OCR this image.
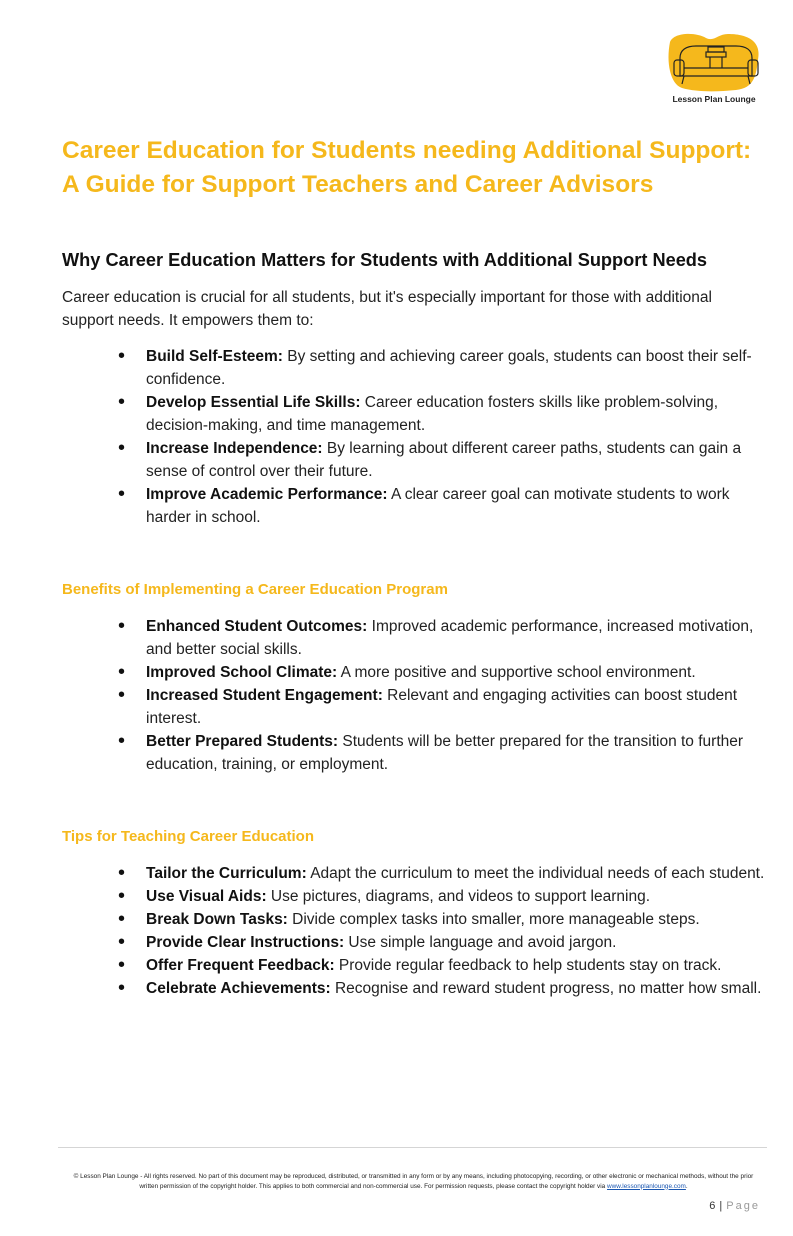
Lesson Plan Lounge
Career Education for Students needing Additional Support:
A Guide for Support Teachers and Career Advisors
Why Career Education Matters for Students with Additional Support Needs
Career education is crucial for all students, but it's especially important for those with additional support needs. It empowers them to:
• Build Self-Esteem: By setting and achieving career goals, students can boost their self-confidence.
• Develop Essential Life Skills: Career education fosters skills like problem-solving, decision-making, and time management.
• Increase Independence: By learning about different career paths, students can gain a sense of control over their future.
• Improve Academic Performance: A clear career goal can motivate students to work harder in school.
Benefits of Implementing a Career Education Program
• Enhanced Student Outcomes: Improved academic performance, increased motivation, and better social skills.
• Improved School Climate: A more positive and supportive school environment.
• Increased Student Engagement: Relevant and engaging activities can boost student interest.
• Better Prepared Students: Students will be better prepared for the transition to further education, training, or employment.
Tips for Teaching Career Education
• Tailor the Curriculum: Adapt the curriculum to meet the individual needs of each student.
• Use Visual Aids: Use pictures, diagrams, and videos to support learning.
• Break Down Tasks: Divide complex tasks into smaller, more manageable steps.
• Provide Clear Instructions: Use simple language and avoid jargon.
• Offer Frequent Feedback: Provide regular feedback to help students stay on track.
• Celebrate Achievements: Recognise and reward student progress, no matter how small.
© Lesson Plan Lounge - All rights reserved. No part of this document may be reproduced, distributed, or transmitted in any form or by any means, including photocopying, recording, or other electronic or mechanical methods, without the prior written permission of the copyright holder. This applies to both commercial and non-commercial use. For permission requests, please contact the copyright holder via www.lessonplanlounge.com.
6 | Page
